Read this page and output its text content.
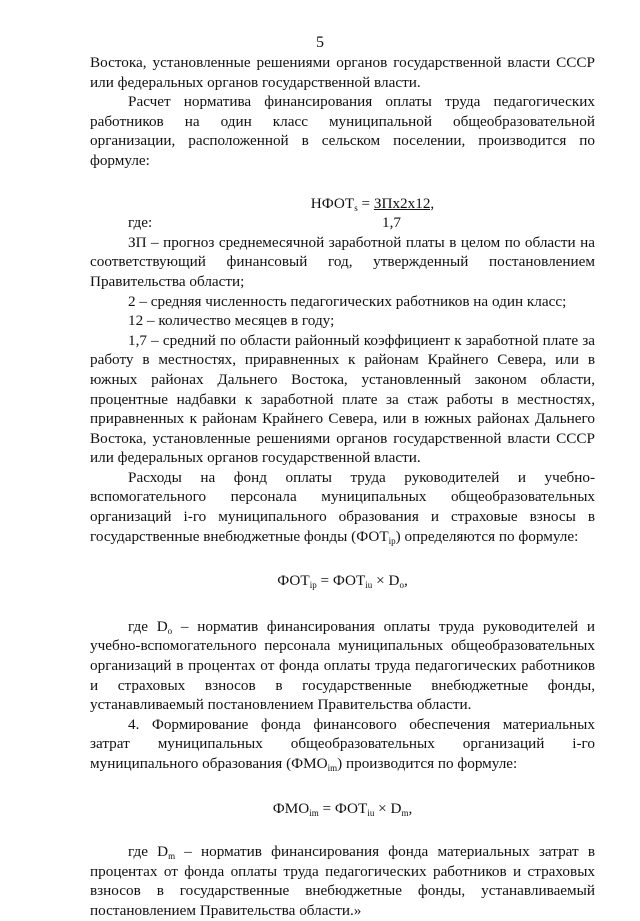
5

Востока, установленные решениями органов государственной власти СССР или федеральных органов государственной власти.

Расчет норматива финансирования оплаты труда педагогических работников на один класс муниципальной общеобразовательной организации, расположенной в сельском поселении, производится по формуле:

$НФОТ_s = ЗПх2х12$,
где:	1,7

ЗП – прогноз среднемесячной заработной платы в целом по области на соответствующий финансовый год, утвержденный постановлением Правительства области;

2 – средняя численность педагогических работников на один класс;

12 – количество месяцев в году;

1,7 – средний по области районный коэффициент к заработной плате за работу в местностях, приравненных к районам Крайнего Севера, или в южных районах Дальнего Востока, установленный законом области, процентные надбавки к заработной плате за стаж работы в местностях, приравненных к районам Крайнего Севера, или в южных районах Дальнего Востока, установленные решениями органов государственной власти СССР или федеральных органов государственной власти.

Расходы на фонд оплаты труда руководителей и учебно-вспомогательного персонала муниципальных общеобразовательных организаций i-го муниципального образования и страховые взносы в государственные внебюджетные фонды $(ФОТ_{ip})$ определяются по формуле:

$ФОТ_{ip} = ФОТ_{iu} \times D_o$,

где $D_o$ – норматив финансирования оплаты труда руководителей и учебно-вспомогательного персонала муниципальных общеобразовательных организаций в процентах от фонда оплаты труда педагогических работников и страховых взносов в государственные внебюджетные фонды, устанавливаемый постановлением Правительства области.

4. Формирование фонда финансового обеспечения материальных затрат муниципальных общеобразовательных организаций i-го муниципального образования $(ФМО_{im})$ производится по формуле:

$ФМО_{im} = ФОТ_{iu} \times D_m$,

где $D_m$ – норматив финансирования фонда материальных затрат в процентах от фонда оплаты труда педагогических работников и страховых взносов в государственные внебюджетные фонды, устанавливаемый постановлением Правительства области.»
